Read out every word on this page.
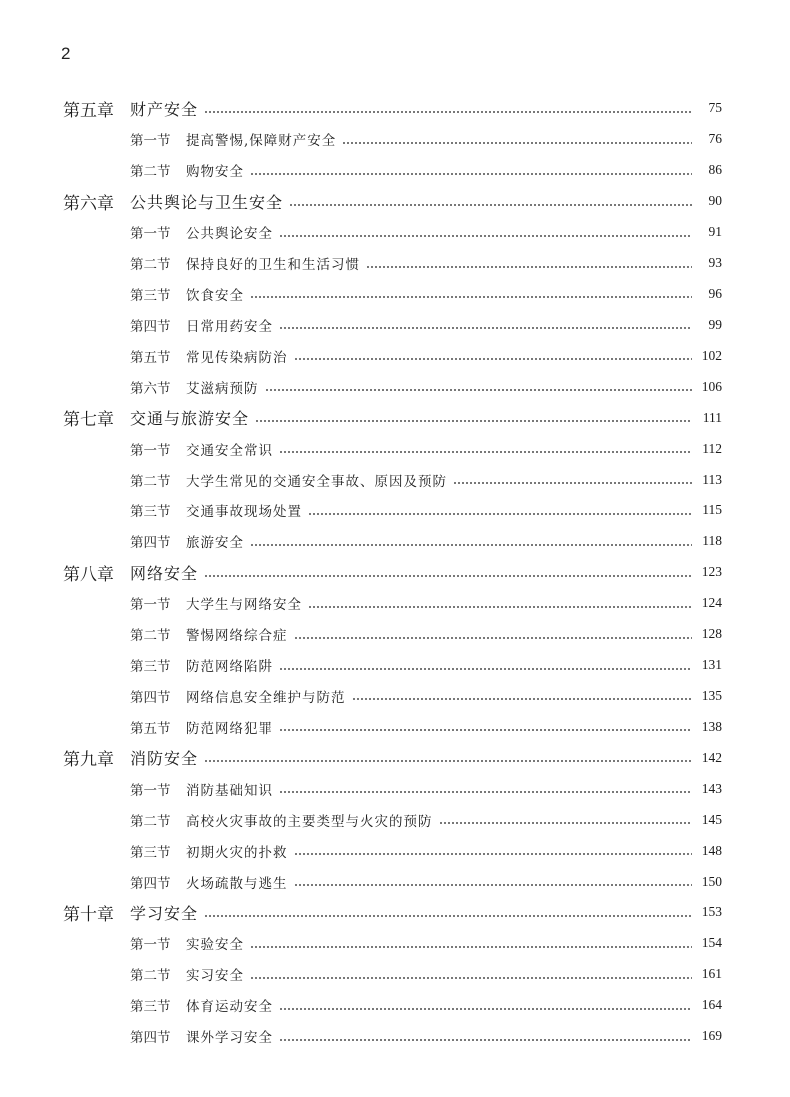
2
第五章	财产安全	75
第一节	提高警惕,保障财产安全	76
第二节	购物安全	86
第六章	公共舆论与卫生安全	90
第一节	公共舆论安全	91
第二节	保持良好的卫生和生活习惯	93
第三节	饮食安全	96
第四节	日常用药安全	99
第五节	常见传染病防治	102
第六节	艾滋病预防	106
第七章	交通与旅游安全	111
第一节	交通安全常识	112
第二节	大学生常见的交通安全事故、原因及预防	113
第三节	交通事故现场处置	115
第四节	旅游安全	118
第八章	网络安全	123
第一节	大学生与网络安全	124
第二节	警惕网络综合症	128
第三节	防范网络陷阱	131
第四节	网络信息安全维护与防范	135
第五节	防范网络犯罪	138
第九章	消防安全	142
第一节	消防基础知识	143
第二节	高校火灾事故的主要类型与火灾的预防	145
第三节	初期火灾的扑救	148
第四节	火场疏散与逃生	150
第十章	学习安全	153
第一节	实验安全	154
第二节	实习安全	161
第三节	体育运动安全	164
第四节	课外学习安全	169
